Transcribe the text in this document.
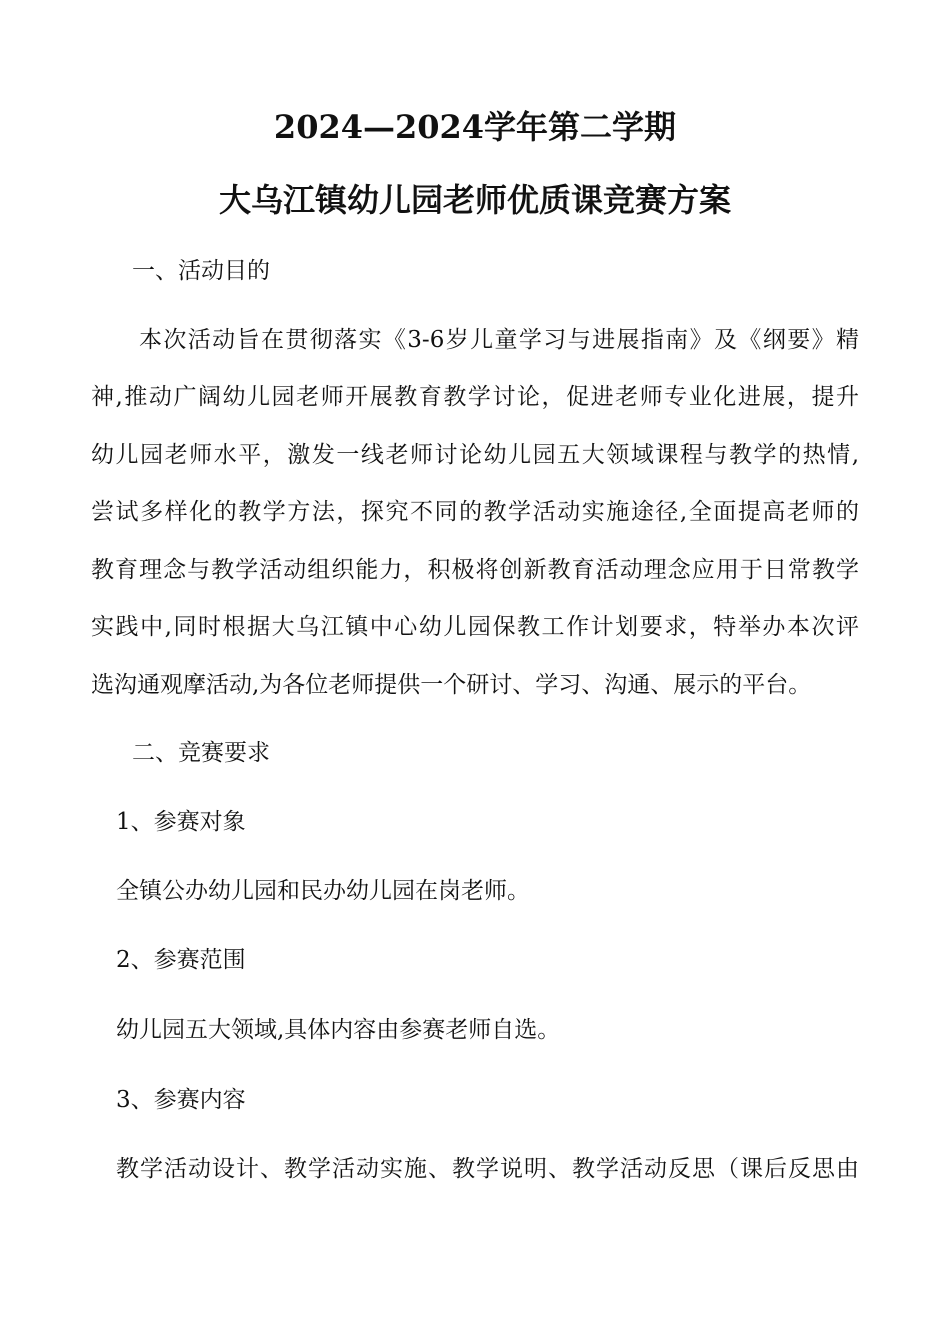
2024—2024学年第二学期
大乌江镇幼儿园老师优质课竞赛方案
一、活动目的
本次活动旨在贯彻落实《3-6岁儿童学习与进展指南》及《纲要》精
神,推动广阔幼儿园老师开展教育教学讨论，促进老师专业化进展，提升
幼儿园老师水平，激发一线老师讨论幼儿园五大领域课程与教学的热情,
尝试多样化的教学方法，探究不同的教学活动实施途径,全面提高老师的
教育理念与教学活动组织能力，积极将创新教育活动理念应用于日常教学
实践中,同时根据大乌江镇中心幼儿园保教工作计划要求，特举办本次评
选沟通观摩活动,为各位老师提供一个研讨、学习、沟通、展示的平台。
二、竞赛要求
1、参赛对象
全镇公办幼儿园和民办幼儿园在岗老师。
2、参赛范围
幼儿园五大领域,具体内容由参赛老师自选。
3、参赛内容
教学活动设计、教学活动实施、教学说明、教学活动反思（课后反思由
